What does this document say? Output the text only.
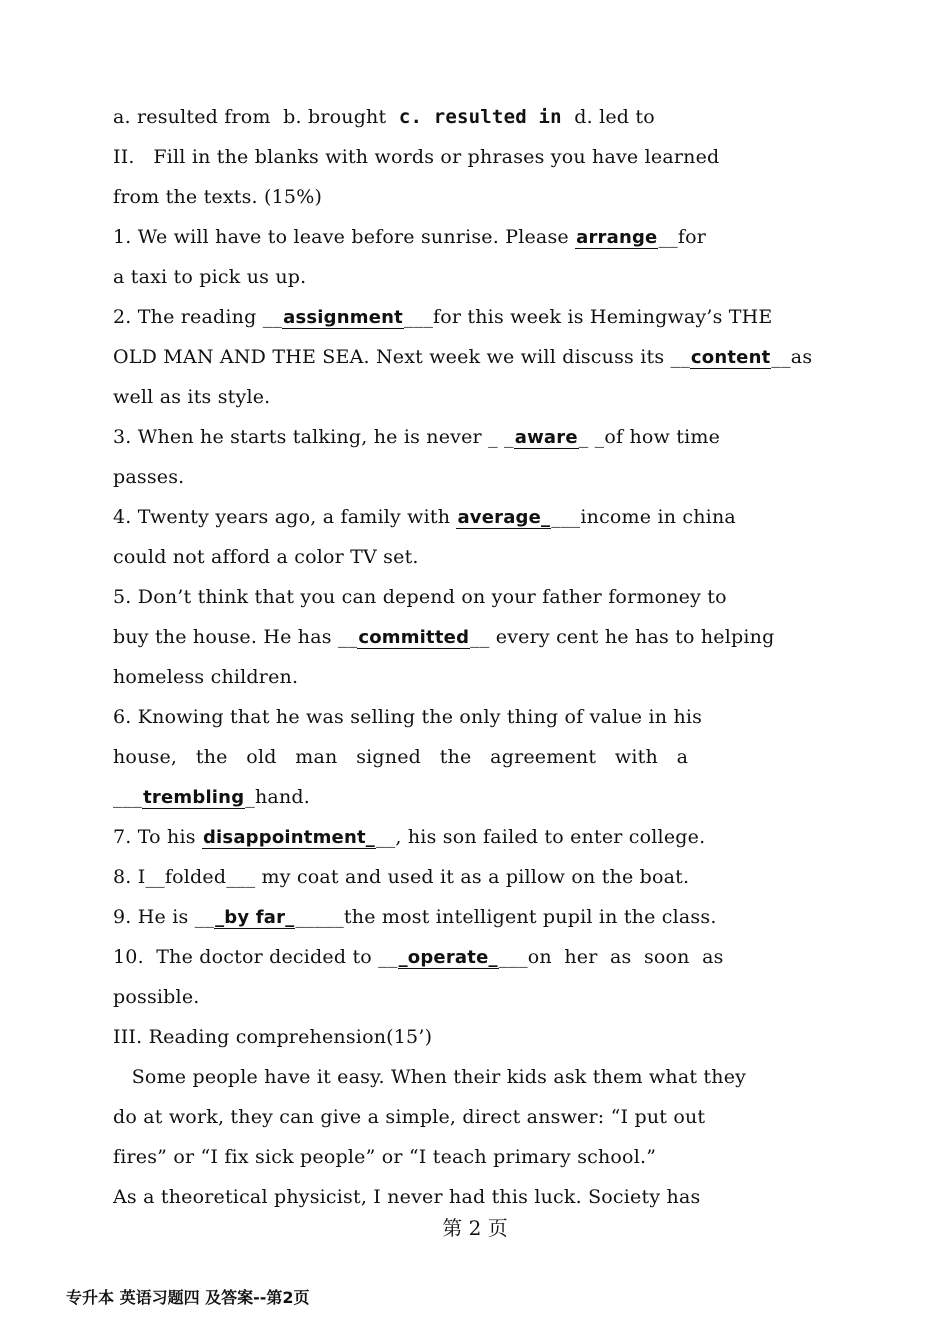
a. resulted from  b. brought  c. resulted in  d. led to
II.   Fill in the blanks with words or phrases you have learned
from the texts. (15%)
1. We will have to leave before sunrise. Please arrange__for
a taxi to pick us up.
2. The reading __assignment___for this week is Hemingway’s THE
OLD MAN AND THE SEA. Next week we will discuss its __content__as
well as its style.
3. When he starts talking, he is never _ _aware_ _of how time
passes.
4. Twenty years ago, a family with average____income in china
could not afford a color TV set.
5. Don’t think that you can depend on your father formoney to
buy the house. He has __committed__ every cent he has to helping
homeless children.
6. Knowing that he was selling the only thing of value in his
house,   the   old   man   signed   the   agreement   with   a
___trembling_hand.
7. To his disappointment___, his son failed to enter college.
8. I__folded___ my coat and used it as a pillow on the boat.
9. He is ___by far______the most intelligent pupil in the class.
10.  The doctor decided to ___operate____on  her  as  soon  as
possible.
III. Reading comprehension(15’)
Some people have it easy. When their kids ask them what they
do at work, they can give a simple, direct answer: “I put out
fires” or “I fix sick people” or “I teach primary school.”
As a theoretical physicist, I never had this luck. Society has
第 2 页
专升本 英语习题四 及答案--第2页
